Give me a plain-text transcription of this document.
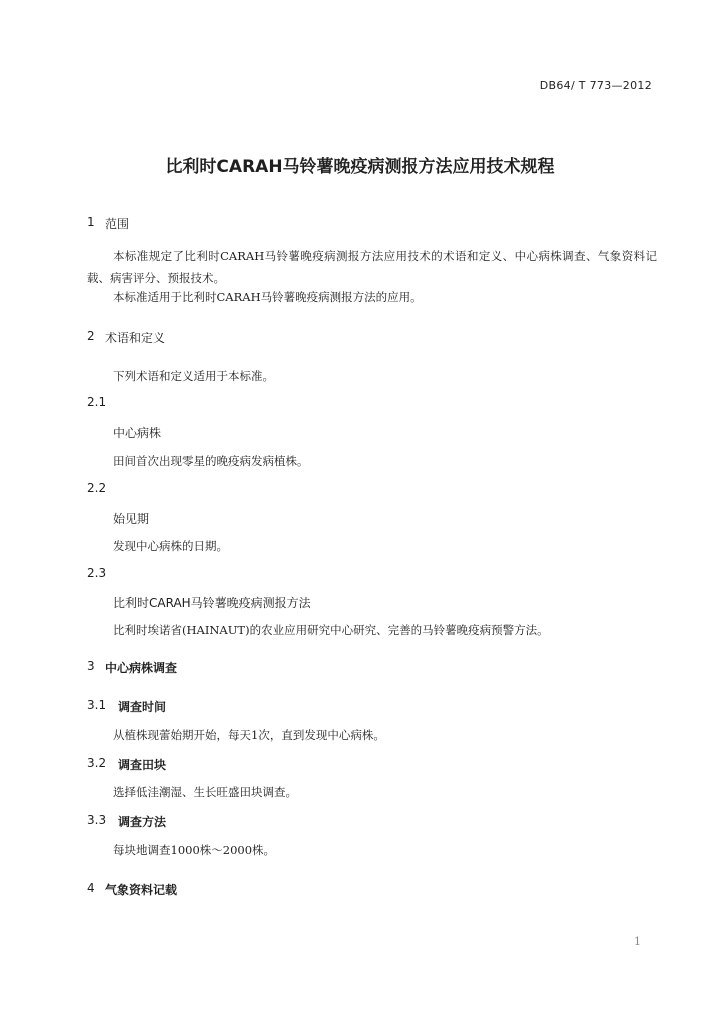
DB64/ T 773—2012
比利时CARAH马铃薯晚疫病测报方法应用技术规程
1 范围
本标准规定了比利时CARAH马铃薯晚疫病测报方法应用技术的术语和定义、中心病株调查、气象资料记载、病害评分、预报技术。
本标准适用于比利时CARAH马铃薯晚疫病测报方法的应用。
2 术语和定义
下列术语和定义适用于本标准。
2.1
中心病株
田间首次出现零星的晚疫病发病植株。
2.2
始见期
发现中心病株的日期。
2.3
比利时CARAH马铃薯晚疫病测报方法
比利时埃诺省(HAINAUT)的农业应用研究中心研究、完善的马铃薯晚疫病预警方法。
3 中心病株调查
3.1 调查时间
从植株现蕾始期开始，每天1次，直到发现中心病株。
3.2 调查田块
选择低洼潮湿、生长旺盛田块调查。
3.3 调查方法
每块地调查1000株～2000株。
4 气象资料记载
1
